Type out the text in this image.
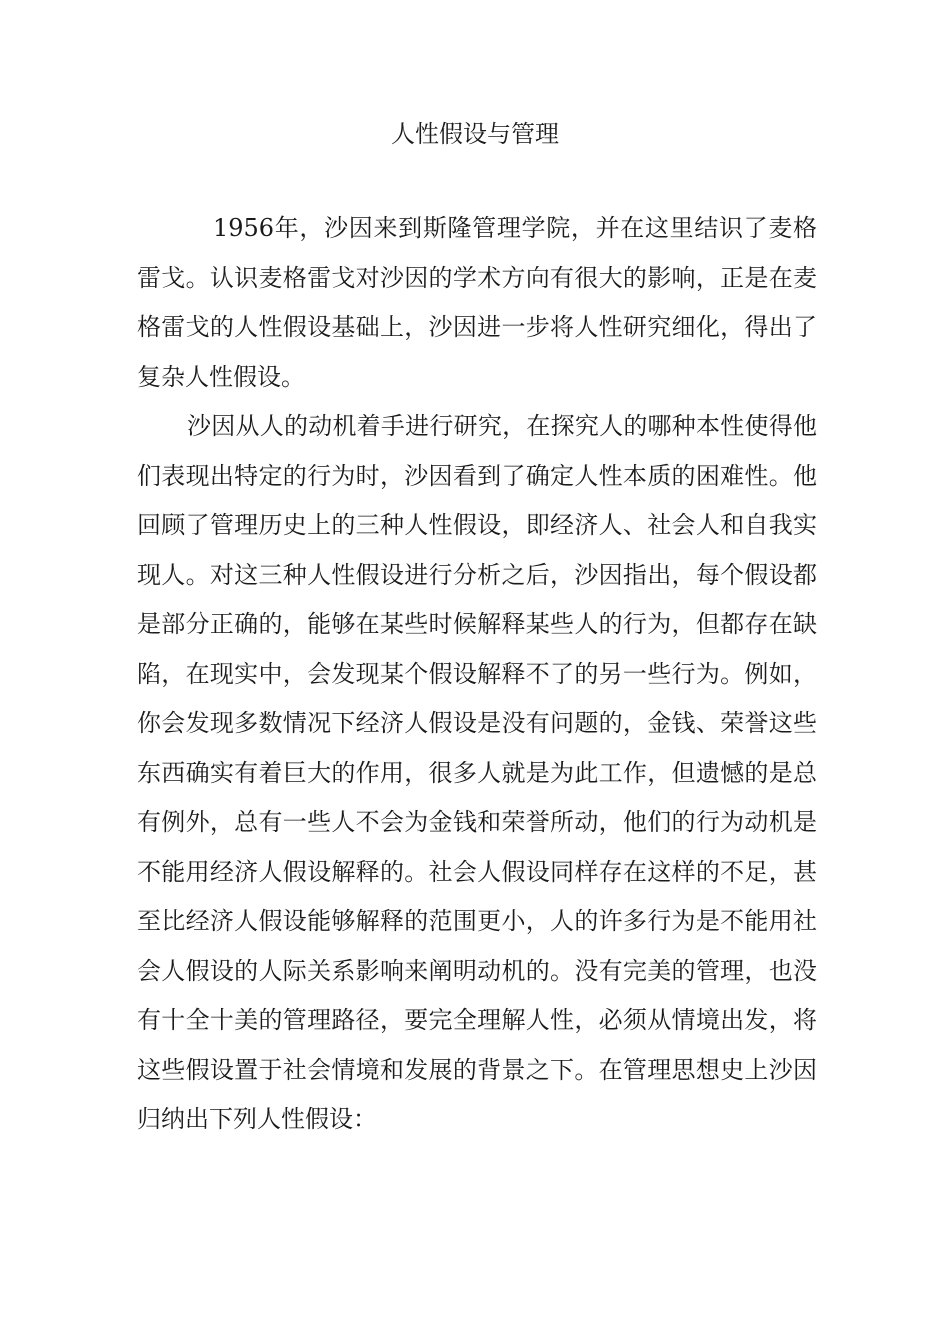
人性假设与管理

1956年，沙因来到斯隆管理学院，并在这里结识了麦格雷戈。认识麦格雷戈对沙因的学术方向有很大的影响，正是在麦格雷戈的人性假设基础上，沙因进一步将人性研究细化，得出了复杂人性假设。

沙因从人的动机着手进行研究，在探究人的哪种本性使得他们表现出特定的行为时，沙因看到了确定人性本质的困难性。他回顾了管理历史上的三种人性假设，即经济人、社会人和自我实现人。对这三种人性假设进行分析之后，沙因指出，每个假设都是部分正确的，能够在某些时候解释某些人的行为，但都存在缺陷，在现实中，会发现某个假设解释不了的另一些行为。例如，你会发现多数情况下经济人假设是没有问题的，金钱、荣誉这些东西确实有着巨大的作用，很多人就是为此工作，但遗憾的是总有例外，总有一些人不会为金钱和荣誉所动，他们的行为动机是不能用经济人假设解释的。社会人假设同样存在这样的不足，甚至比经济人假设能够解释的范围更小，人的许多行为是不能用社会人假设的人际关系影响来阐明动机的。没有完美的管理，也没有十全十美的管理路径，要完全理解人性，必须从情境出发，将这些假设置于社会情境和发展的背景之下。在管理思想史上沙因归纳出下列人性假设：
